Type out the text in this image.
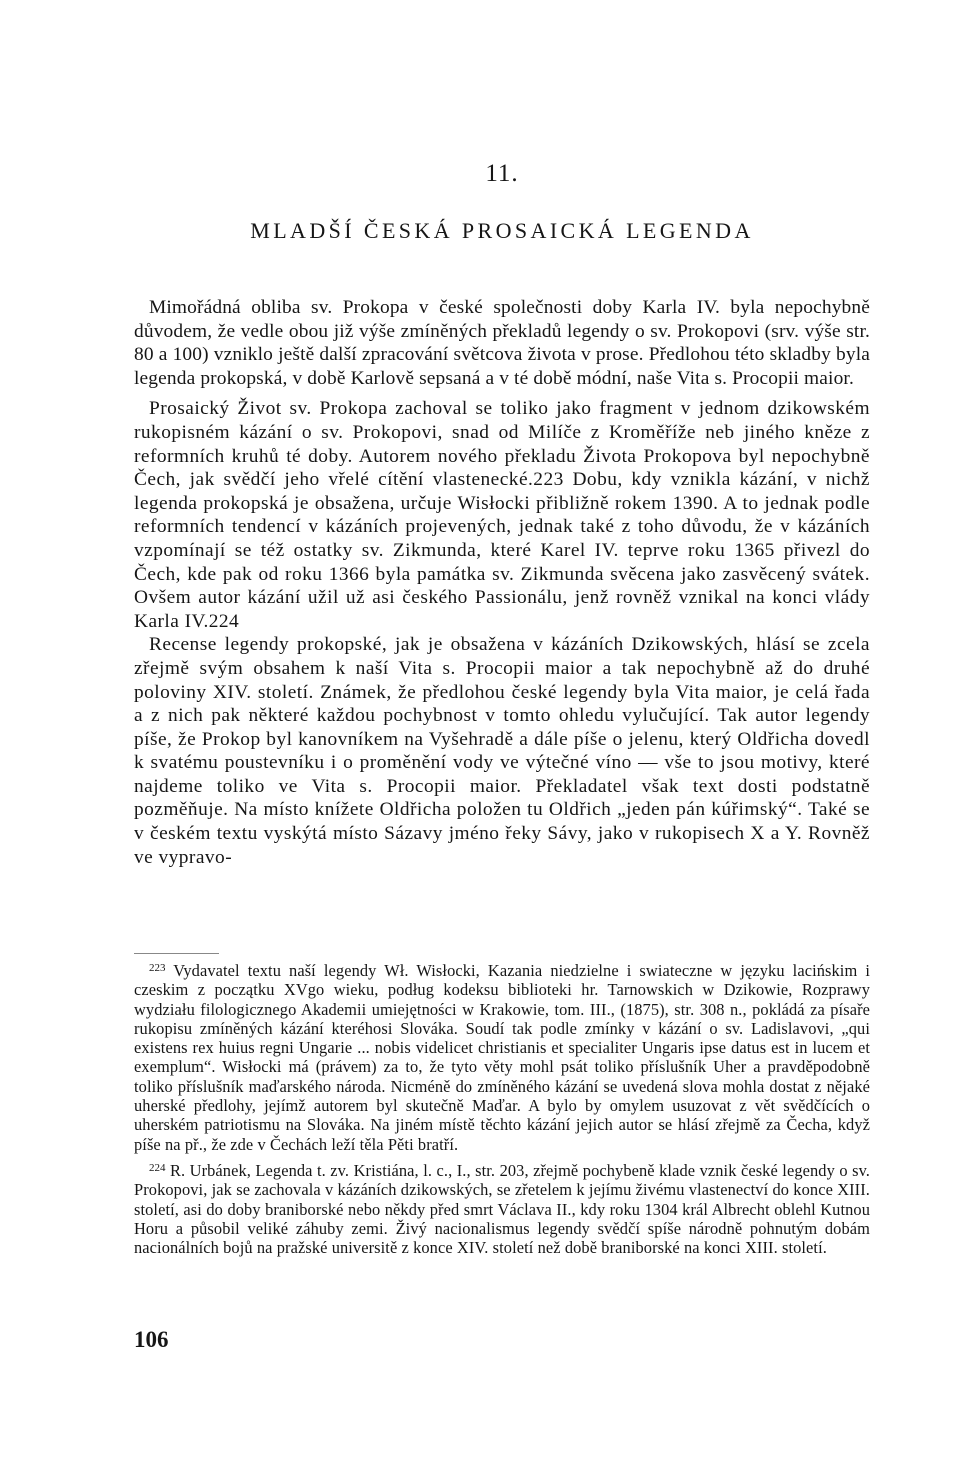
11.
MLADŠÍ ČESKÁ PROSAICKÁ LEGENDA

Mimořádná obliba sv. Prokopa v české společnosti doby Karla IV. byla nepochybně důvodem, že vedle obou již výše zmíněných překladů legendy o sv. Prokopovi (srv. výše str. 80 a 100) vzniklo ještě další zpracování světcova života v prose. Předlohou této skladby byla legenda prokopská, v době Karlově sepsaná a v té době módní, naše Vita s. Procopii maior.

Prosaický Život sv. Prokopa zachoval se toliko jako fragment v jednom dzikowském rukopisném kázání o sv. Prokopovi, snad od Milíče z Kroměříže neb jiného kněze z reformních kruhů té doby. Autorem nového překladu Života Prokopova byl nepochybně Čech, jak svědčí jeho vřelé cítění vlastenecké.223 Dobu, kdy vznikla kázání, v nichž legenda prokopská je obsažena, určuje Wisłocki přibližně rokem 1390. A to jednak podle reformních tendencí v kázáních projevených, jednak také z toho důvodu, že v kázáních vzpomínají se též ostatky sv. Zikmunda, které Karel IV. teprve roku 1365 přivezl do Čech, kde pak od roku 1366 byla památka sv. Zikmunda svěcena jako zasvěcený svátek. Ovšem autor kázání užil už asi českého Passionálu, jenž rovněž vznikal na konci vlády Karla IV.224

Recense legendy prokopské, jak je obsažena v kázáních Dzikowských, hlásí se zcela zřejmě svým obsahem k naší Vita s. Procopii maior a tak nepochybně až do druhé poloviny XIV. století. Známek, že předlohou české legendy byla Vita maior, je celá řada a z nich pak některé každou pochybnost v tomto ohledu vylučující. Tak autor legendy píše, že Prokop byl kanovníkem na Vyšehradě a dále píše o jelenu, který Oldřicha dovedl k svatému poustevníku i o proměnění vody ve výtečné víno — vše to jsou motivy, které najdeme toliko ve Vita s. Procopii maior. Překladatel však text dosti podstatně pozměňuje. Na místo knížete Oldřicha položen tu Oldřich „jeden pán kúřimský“. Také se v českém textu vyskýtá místo Sázavy jméno řeky Sávy, jako v rukopisech X a Y. Rovněž ve vypravo-

$^{223}$ Vydavatel textu naší legendy Wł. Wisłocki, Kazania niedzielne i swiateczne w języku lacińskim i czeskim z początku XVgo wieku, podług kodeksu biblioteki hr. Tarnowskich w Dzikowie, Rozprawy wydziału filologicznego Akademii umiejętności w Krakowie, tom. III., (1875), str. 308 n., pokládá za písaře rukopisu zmíněných kázání kteréhosi Slováka. Soudí tak podle zmínky v kázání o sv. Ladislavovi, „qui existens rex huius regni Ungarie ... nobis videlicet christianis et specialiter Ungaris ipse datus est in lucem et exemplum“. Wisłocki má (právem) za to, že tyto věty mohl psát toliko příslušník Uher a pravděpodobně toliko příslušník maďarského národa. Nicméně do zmíněného kázání se uvedená slova mohla dostat z nějaké uherské předlohy, jejímž autorem byl skutečně Maďar. A bylo by omylem usuzovat z vět svědčících o uherském patriotismu na Slováka. Na jiném místě těchto kázání jejich autor se hlásí zřejmě za Čecha, když píše na př., že zde v Čechách leží těla Pěti bratří.

$^{224}$ R. Urbánek, Legenda t. zv. Kristiána, l. c., I., str. 203, zřejmě pochybeně klade vznik české legendy o sv. Prokopovi, jak se zachovala v kázáních dzikowských, se zřetelem k jejímu živému vlastenectví do konce XIII. století, asi do doby braniborské nebo někdy před smrt Václava II., kdy roku 1304 král Albrecht oblehl Kutnou Horu a působil veliké záhuby zemi. Živý nacionalismus legendy svědčí spíše národně pohnutým dobám nacionálních bojů na pražské universitě z konce XIV. století než době braniborské na konci XIII. století.

106
